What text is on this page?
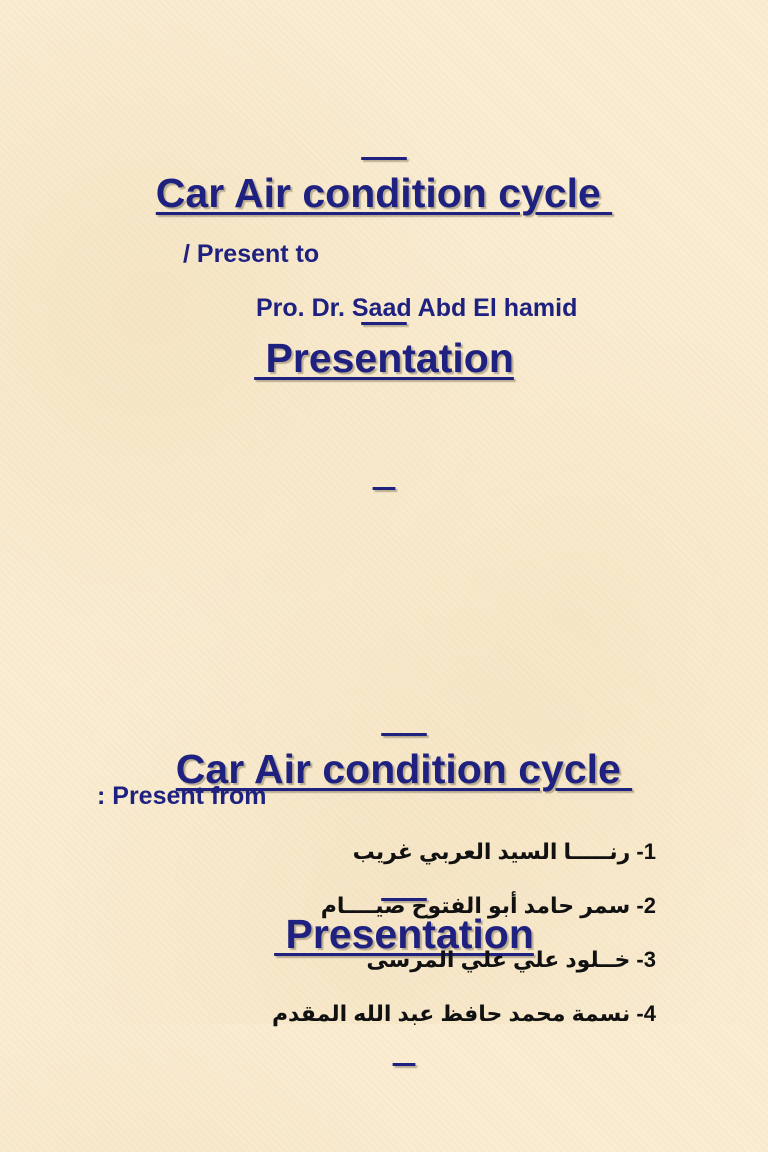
Car Air condition cycle

Presentation

/ Present to
Pro. Dr. Saad Abd El hamid

Car Air condition cycle

Presentation

: Present from
1- رنـــــا السيد العربي غريب
2- سمر حامد أبو الفتوح صيــــام
3- خــلود علي علي المرسى
4- نسمة محمد حافظ عبد الله المقدم
